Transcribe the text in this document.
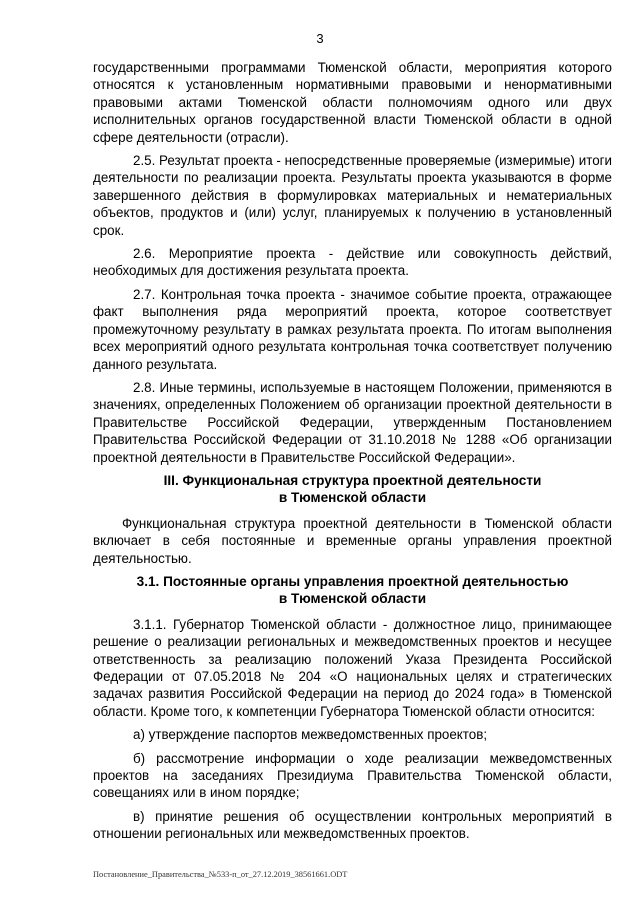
3

государственными программами Тюменской области, мероприятия которого относятся к установленным нормативными правовыми и ненормативными правовыми актами Тюменской области полномочиям одного или двух исполнительных органов государственной власти Тюменской области в одной сфере деятельности (отрасли).

2.5. Результат проекта - непосредственные проверяемые (измеримые) итоги деятельности по реализации проекта. Результаты проекта указываются в форме завершенного действия в формулировках материальных и нематериальных объектов, продуктов и (или) услуг, планируемых к получению в установленный срок.

2.6. Мероприятие проекта - действие или совокупность действий, необходимых для достижения результата проекта.

2.7. Контрольная точка проекта - значимое событие проекта, отражающее факт выполнения ряда мероприятий проекта, которое соответствует промежуточному результату в рамках результата проекта. По итогам выполнения всех мероприятий одного результата контрольная точка соответствует получению данного результата.

2.8. Иные термины, используемые в настоящем Положении, применяются в значениях, определенных Положением об организации проектной деятельности в Правительстве Российской Федерации, утвержденным Постановлением Правительства Российской Федерации от 31.10.2018 № 1288 «Об организации проектной деятельности в Правительстве Российской Федерации».

III. Функциональная структура проектной деятельности
в Тюменской области

Функциональная структура проектной деятельности в Тюменской области включает в себя постоянные и временные органы управления проектной деятельностью.

3.1. Постоянные органы управления проектной деятельностью
в Тюменской области

3.1.1. Губернатор Тюменской области - должностное лицо, принимающее решение о реализации региональных и межведомственных проектов и несущее ответственность за реализацию положений Указа Президента Российской Федерации от 07.05.2018 № 204 «О национальных целях и стратегических задачах развития Российской Федерации на период до 2024 года» в Тюменской области. Кроме того, к компетенции Губернатора Тюменской области относится:

а) утверждение паспортов межведомственных проектов;

б) рассмотрение информации о ходе реализации межведомственных проектов на заседаниях Президиума Правительства Тюменской области, совещаниях или в ином порядке;

в) принятие решения об осуществлении контрольных мероприятий в отношении региональных или межведомственных проектов.

Постановление_Правительства_№533-п_от_27.12.2019_38561661.ODT
